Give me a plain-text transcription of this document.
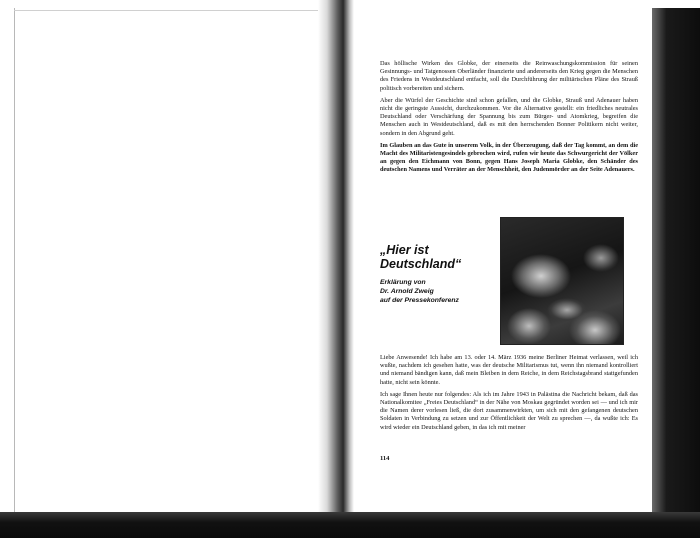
Das höllische Wirken des Globke, der einerseits die Reinwaschungskommission für seinen Gesinnungs- und Tatgenossen Oberländer finanzierte und andererseits den Krieg gegen die Menschen des Friedens in Westdeutschland entfacht, soll die Durchführung der militärischen Pläne des Strauß politisch vorbereiten und sichern.

Aber die Würfel der Geschichte sind schon gefallen, und die Globke, Strauß und Adenauer haben nicht die geringste Aussicht, durchzukommen. Vor die Alternative gestellt: ein friedliches neutrales Deutschland oder Verschärfung der Spannung bis zum Bürger- und Atomkrieg, begreifen die Menschen auch in Westdeutschland, daß es mit den herrschenden Bonner Politikern nicht weiter, sondern in den Abgrund geht.

Im Glauben an das Gute in unserem Volk, in der Überzeugung, daß der Tag kommt, an dem die Macht des Militaristengesindels gebrochen wird, rufen wir heute das Schwurgericht der Völker an gegen den Eichmann von Bonn, gegen Hans Joseph Maria Globke, den Schänder des deutschen Namens und Verräter an der Menschheit, den Judenmörder an der Seite Adenauers.

„Hier ist
Deutschland“
Erklärung von
Dr. Arnold Zweig
auf der Pressekonferenz

Liebe Anwesende! Ich habe am 13. oder 14. März 1936 meine Berliner Heimat verlassen, weil ich wußte, nachdem ich gesehen hatte, was der deutsche Militarismus tut, wenn ihn niemand kontrolliert und niemand bändigen kann, daß mein Bleiben in dem Reiche, in dem Reichstagsbrand stattgefunden hatte, nicht sein könnte.

Ich sage Ihnen heute nur folgendes: Als ich im Jahre 1943 in Palästina die Nachricht bekam, daß das Nationalkomitee „Freies Deutschland“ in der Nähe von Moskau gegründet worden sei — und ich mir die Namen derer vorlesen ließ, die dort zusammenwirkten, um sich mit den gefangenen deutschen Soldaten in Verbindung zu setzen und zur Öffentlichkeit der Welt zu sprechen —, da wußte ich: Es wird wieder ein Deutschland geben, in das ich mit meiner

114
